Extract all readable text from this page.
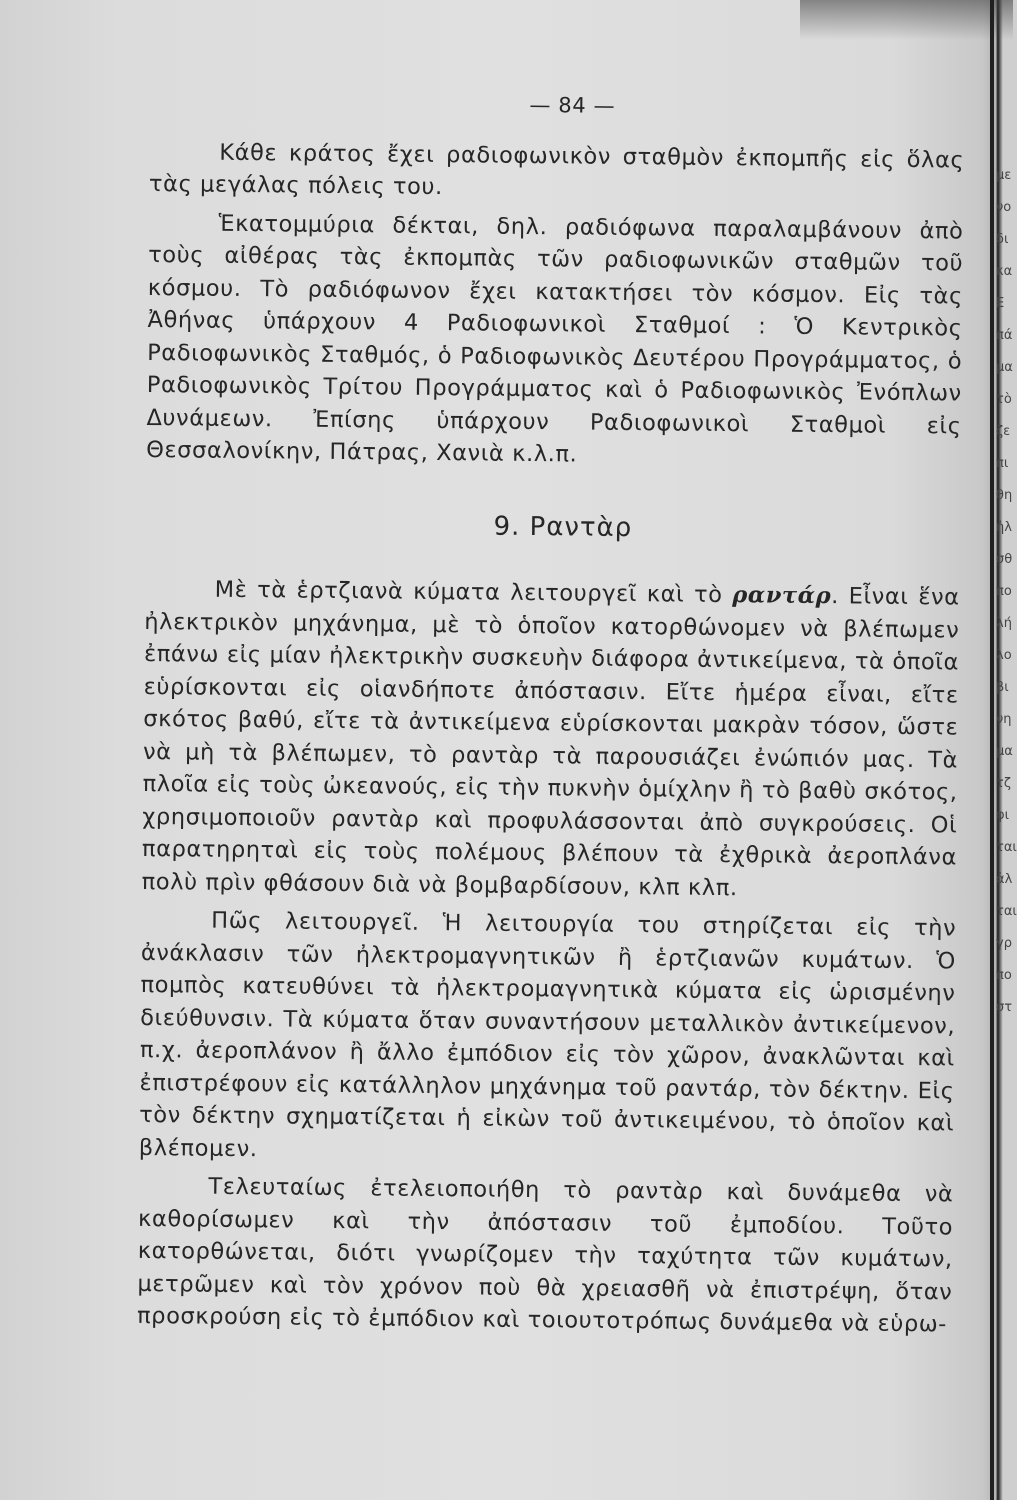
— 84 —

Κάθε κράτος ἔχει ραδιοφωνικὸν σταθμὸν ἐκπομπῆς εἰς ὅλας τὰς μεγάλας πόλεις του.

Ἑκατομμύρια δέκται, δηλ. ραδιόφωνα παραλαμβάνουν ἀπὸ τοὺς αἰθέρας τὰς ἐκπομπὰς τῶν ραδιοφωνικῶν σταθμῶν τοῦ κόσμου. Τὸ ραδιόφωνον ἔχει κατακτήσει τὸν κόσμον. Εἰς τὰς Ἀθήνας ὑπάρχουν 4 Ραδιοφωνικοὶ Σταθμοί : Ὁ Κεντρικὸς Ραδιοφωνικὸς Σταθμός, ὁ Ραδιοφωνικὸς Δευτέρου Προγράμματος, ὁ Ραδιοφωνικὸς Τρίτου Προγράμματος καὶ ὁ Ραδιοφωνικὸς Ἐνόπλων Δυνάμεων. Ἐπίσης ὑπάρχουν Ραδιοφωνικοὶ Σταθμοὶ εἰς Θεσσαλονίκην, Πάτρας, Χανιὰ κ.λ.π.

9. Ραντὰρ

Μὲ τὰ ἑρτζιανὰ κύματα λειτουργεῖ καὶ τὸ ραντάρ. Εἶναι ἕνα ἠλεκτρικὸν μηχάνημα, μὲ τὸ ὁποῖον κατορθώνομεν νὰ βλέπωμεν ἐπάνω εἰς μίαν ἠλεκτρικὴν συσκευὴν διάφορα ἀντικείμενα, τὰ ὁποῖα εὑρίσκονται εἰς οἱανδήποτε ἀπόστασιν. Εἴτε ἡμέρα εἶναι, εἴτε σκότος βαθύ, εἴτε τὰ ἀντικείμενα εὑρίσκονται μακρὰν τόσον, ὥστε νὰ μὴ τὰ βλέπωμεν, τὸ ραντὰρ τὰ παρουσιάζει ἐνώπιόν μας. Τὰ πλοῖα εἰς τοὺς ὠκεανούς, εἰς τὴν πυκνὴν ὁμίχλην ἢ τὸ βαθὺ σκότος, χρησιμοποιοῦν ραντὰρ καὶ προφυλάσσονται ἀπὸ συγκρούσεις. Οἱ παρατηρηταὶ εἰς τοὺς πολέμους βλέπουν τὰ ἐχθρικὰ ἀεροπλάνα πολὺ πρὶν φθάσουν διὰ νὰ βομβαρδίσουν, κλπ κλπ.

Πῶς λειτουργεῖ. Ἡ λειτουργία του στηρίζεται εἰς τὴν ἀνάκλασιν τῶν ἠλεκτρομαγνητικῶν ἢ ἑρτζιανῶν κυμάτων. Ὁ πομπὸς κατευθύνει τὰ ἠλεκτρομαγνητικὰ κύματα εἰς ὡρισμένην διεύθυνσιν. Τὰ κύματα ὅταν συναντήσουν μεταλλικὸν ἀντικείμενον, π.χ. ἀεροπλάνον ἢ ἄλλο ἐμπόδιον εἰς τὸν χῶρον, ἀνακλῶνται καὶ ἐπιστρέφουν εἰς κατάλληλον μηχάνημα τοῦ ραντάρ, τὸν δέκτην. Εἰς τὸν δέκτην σχηματίζεται ἡ εἰκὼν τοῦ ἀντικειμένου, τὸ ὁποῖον καὶ βλέπομεν.

Τελευταίως ἐτελειοποιήθη τὸ ραντὰρ καὶ δυνάμεθα νὰ καθορίσωμεν καὶ τὴν ἀπόστασιν τοῦ ἐμποδίου. Τοῦτο κατορθώνεται, διότι γνωρίζομεν τὴν ταχύτητα τῶν κυμάτων, μετρῶμεν καὶ τὸν χρόνον ποὺ θὰ χρειασθῆ νὰ ἐπιστρέψη, ὅταν προσκρούση εἰς τὸ ἐμπόδιον καὶ τοιουτοτρόπως δυνάμεθα νὰ εὑρω-

με
νο
δι
κα
Ε
πά
μα
τὸ
ζε
πι
θη
ἠλ
σθ
πο
λή
λο
βι
νη
μα
τζ
φι
ται
ἀλ
ται
γρ
πο
στ
